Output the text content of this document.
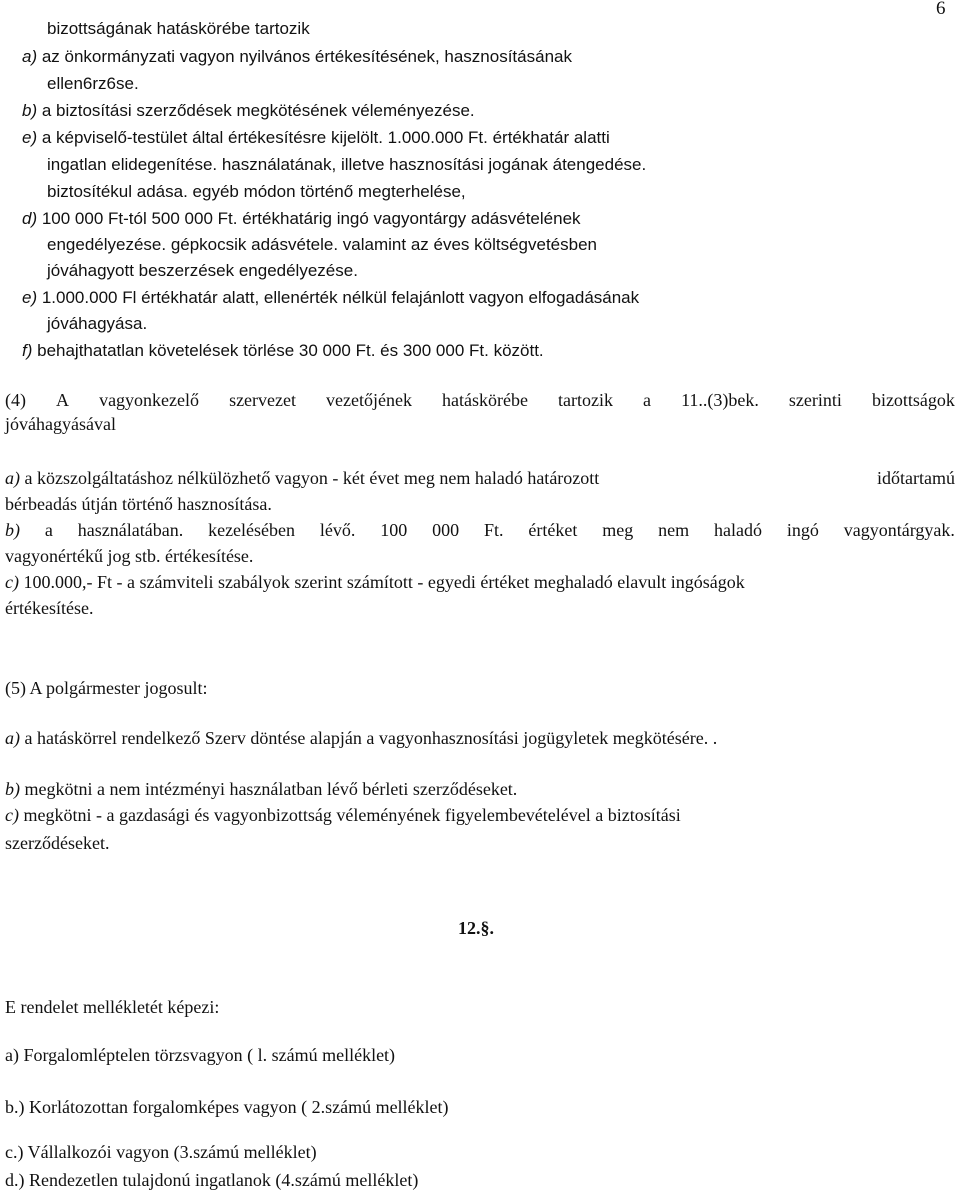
6
bizottságának hatáskörébe tartozik
a) az önkormányzati vagyon nyilvános értékesítésének, hasznosításának
ellen6rz6se.
b) a biztosítási szerződések megkötésének véleményezése.
e) a képviselő-testület által értékesítésre kijelölt. 1.000.000 Ft. értékhatár alatti
ingatlan elidegenítése. használatának, illetve hasznosítási jogának átengedése.
biztosítékul adása. egyéb módon történő megterhelése,
d) 100 000 Ft-tól 500 000 Ft. értékhatárig ingó vagyontárgy adásvételének
engedélyezése. gépkocsik adásvétele. valamint az éves költségvetésben
jóváhagyott beszerzések engedélyezése.
e) 1.000.000 Fl értékhatár alatt, ellenérték nélkül felajánlott vagyon elfogadásának
jóváhagyása.
f) behajthatatlan követelések törlése 30 000 Ft. és 300 000 Ft. között.
(4) A vagyonkezelő szervezet vezetőjének hatáskörébe tartozik a 11..(3)bek. szerinti bizottságok
jóváhagyásával
a) a közszolgáltatáshoz nélkülözhető vagyon - két évet meg nem haladó határozott	időtartamú
bérbeadás útján történő hasznosítása.
b) a használatában. kezelésében lévő. 100 000 Ft. értéket meg nem haladó ingó vagyontárgyak.
vagyonértékű jog stb. értékesítése.
c) 100.000,- Ft - a számviteli szabályok szerint számított - egyedi értéket meghaladó elavult ingóságok
értékesítése.
(5) A polgármester jogosult:
a) a hatáskörrel rendelkező Szerv döntése alapján a vagyonhasznosítási jogügyletek megkötésére. .
b) megkötni a nem intézményi használatban lévő bérleti szerződéseket.
c) megkötni - a gazdasági és vagyonbizottság véleményének figyelembevételével a biztosítási
szerződéseket.
12.§.
E rendelet mellékletét képezi:
a) Forgalomléptelen törzsvagyon ( l. számú melléklet)
b.) Korlátozottan forgalomképes vagyon ( 2.számú melléklet)
c.) Vállalkozói vagyon (3.számú melléklet)
d.) Rendezetlen tulajdonú ingatlanok (4.számú melléklet)
